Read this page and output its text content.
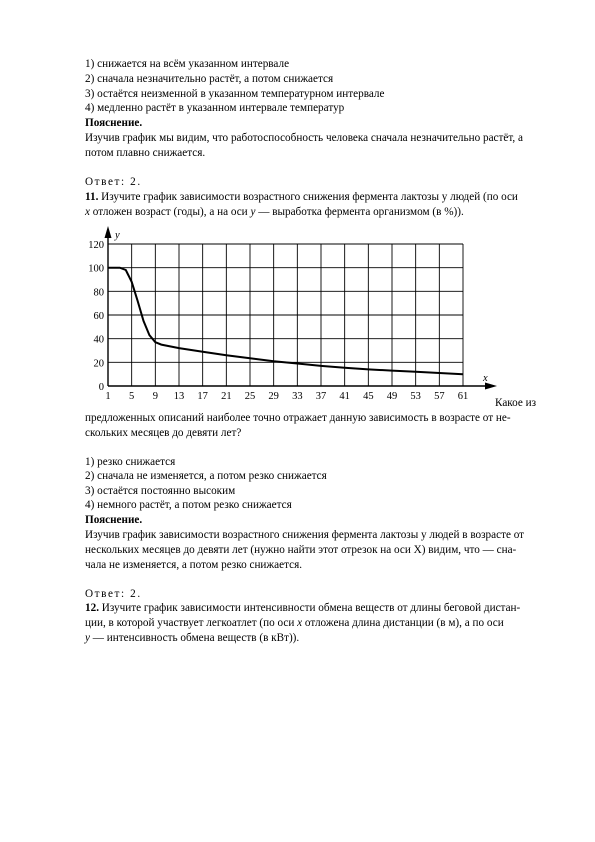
1) снижается на всём указанном интервале
2) сначала незначительно растёт, а потом снижается
3) остаётся неизменной в указанном температурном интервале
4) медленно растёт в указанном интервале температур
Пояснение.
Изучив график мы видим, что работоспособность человека сначала незначительно растёт, а
потом плавно снижается.
Ответ: 2.
11. Изучите график зависимости возрастного снижения фермента лактозы у людей (по оси
x отложен возраст (годы), а на оси y — выработка фермента организмом (в %)).
x
y
1 5 9 13 17 21 25 29 33 37 41 45 49 53 57 61
0
20
40
60
80
100
120
Какое из
предложенных описаний наиболее точно отражает данную зависимость в возрасте от не-
скольких месяцев до девяти лет?
1) резко снижается
2) сначала не изменяется, а потом резко снижается
3) остаётся постоянно высоким
4) немного растёт, а потом резко снижается
Пояснение.
Изучив график зависимости возрастного снижения фермента лактозы у людей в возрасте от
нескольких месяцев до девяти лет (нужно найти этот отрезок на оси Х) видим, что — сна-
чала не изменяется, а потом резко снижается.
Ответ: 2.
12. Изучите график зависимости интенсивности обмена веществ от длины беговой дистан-
ции, в которой участвует легкоатлет (по оси x отложена длина дистанции (в м), а по оси
y — интенсивность обмена веществ (в кВт)).
